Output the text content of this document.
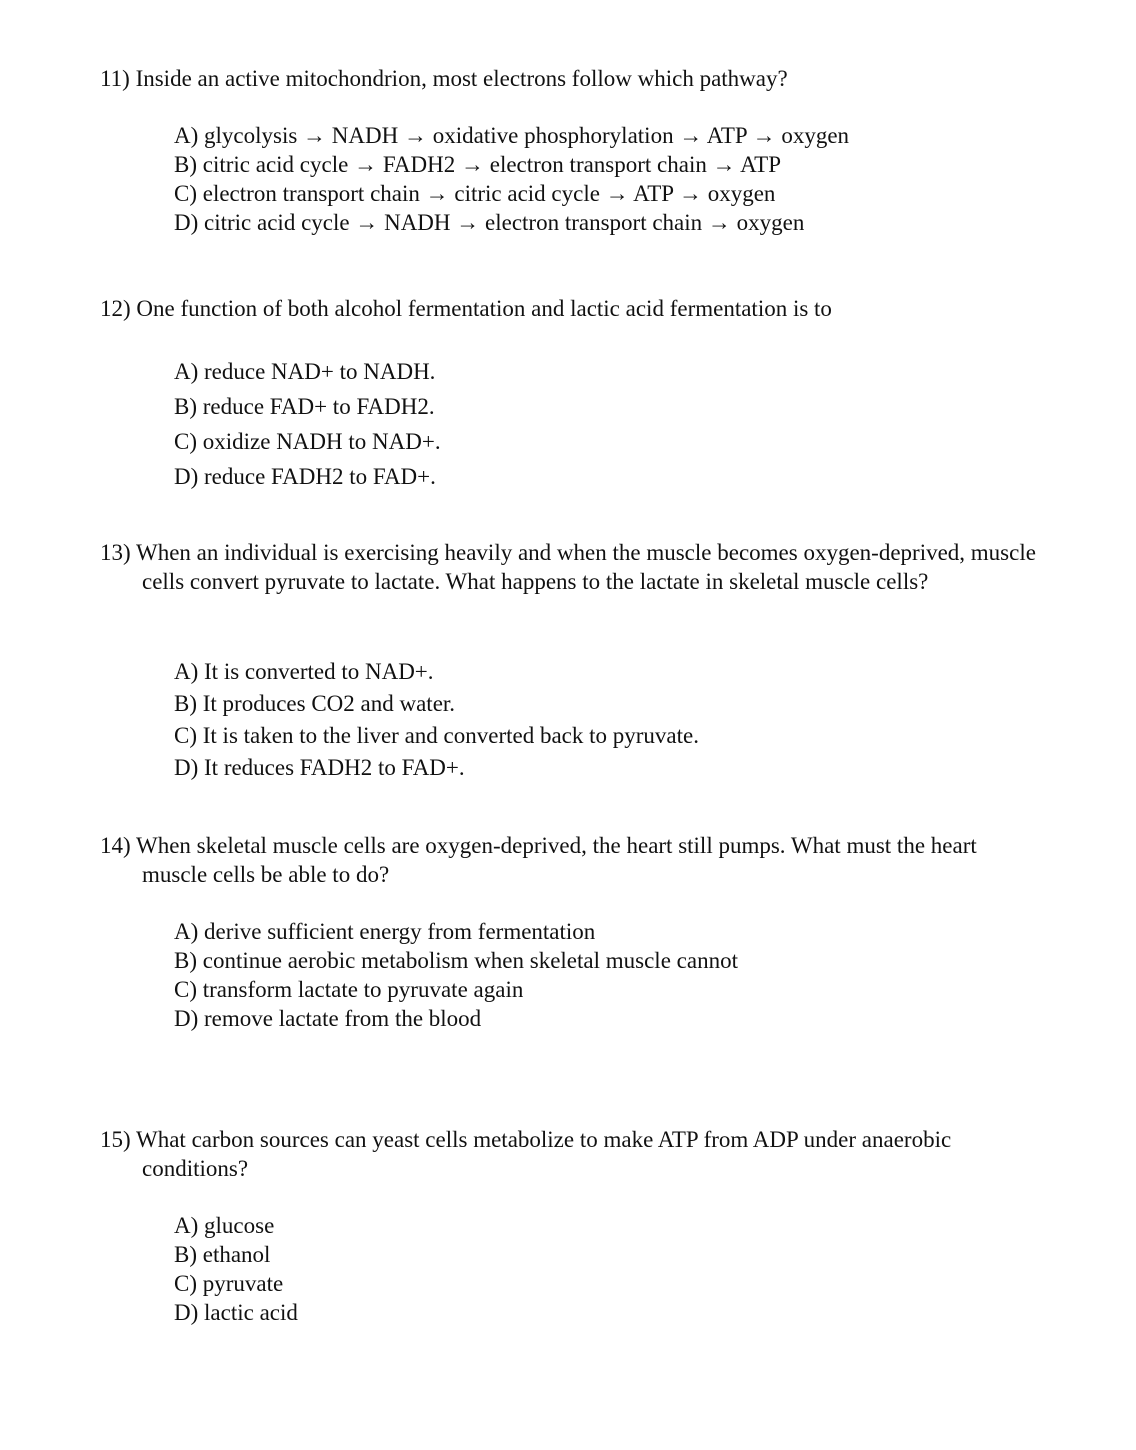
11) Inside an active mitochondrion, most electrons follow which pathway?
A) glycolysis → NADH → oxidative phosphorylation → ATP → oxygen
B) citric acid cycle → FADH2 → electron transport chain → ATP
C) electron transport chain → citric acid cycle → ATP → oxygen
D) citric acid cycle → NADH → electron transport chain → oxygen
12) One function of both alcohol fermentation and lactic acid fermentation is to
A) reduce NAD+ to NADH.
B) reduce FAD+ to FADH2.
C) oxidize NADH to NAD+.
D) reduce FADH2 to FAD+.
13) When an individual is exercising heavily and when the muscle becomes oxygen-deprived, muscle cells convert pyruvate to lactate. What happens to the lactate in skeletal muscle cells?
A) It is converted to NAD+.
B) It produces CO2 and water.
C) It is taken to the liver and converted back to pyruvate.
D) It reduces FADH2 to FAD+.
14) When skeletal muscle cells are oxygen-deprived, the heart still pumps. What must the heart muscle cells be able to do?
A) derive sufficient energy from fermentation
B) continue aerobic metabolism when skeletal muscle cannot
C) transform lactate to pyruvate again
D) remove lactate from the blood
15) What carbon sources can yeast cells metabolize to make ATP from ADP under anaerobic conditions?
A) glucose
B) ethanol
C) pyruvate
D) lactic acid
